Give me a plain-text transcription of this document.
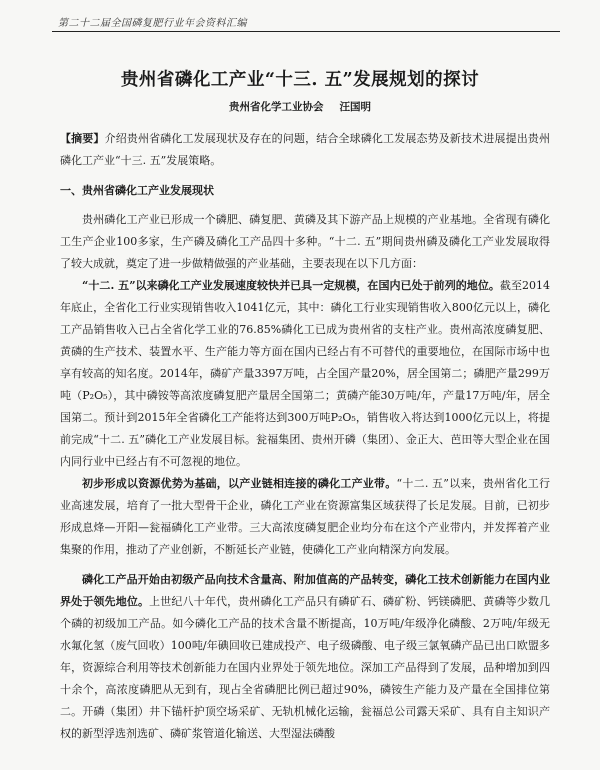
第二十二届全国磷复肥行业年会资料汇编
贵州省磷化工产业“十三. 五”发展规划的探讨
贵州省化学工业协会 汪国明
【摘要】介绍贵州省磷化工发展现状及存在的问题，结合全球磷化工发展态势及新技术进展提出贵州磷化工产业“十三. 五”发展策略。
一、贵州省磷化工产业发展现状

贵州磷化工产业已形成一个磷肥、磷复肥、黄磷及其下游产品上规模的产业基地。全省现有磷化工生产企业100多家，生产磷及磷化工产品四十多种。“十二. 五”期间贵州磷及磷化工产业发展取得了较大成就，奠定了进一步做精做强的产业基础，主要表现在以下几方面：

“十二. 五”以来磷化工产业发展速度较快并已具一定规模，在国内已处于前列的地位。截至2014年底止，全省化工行业实现销售收入1041亿元，其中：磷化工行业实现销售收入800亿元以上，磷化工产品销售收入已占全省化学工业的76.85%磷化工已成为贵州省的支柱产业。贵州高浓度磷复肥、黄磷的生产技术、装置水平、生产能力等方面在国内已经占有不可替代的重要地位，在国际市场中也享有较高的知名度。2014年，磷矿产量3397万吨，占全国产量20%，居全国第二；磷肥产量299万吨（P₂O₅），其中磷铵等高浓度磷复肥产量居全国第二；黄磷产能30万吨/年，产量17万吨/年，居全国第二。预计到2015年全省磷化工产能将达到300万吨P₂O₅，销售收入将达到1000亿元以上，将提前完成“十二. 五”磷化工产业发展目标。瓮福集团、贵州开磷（集团）、金正大、芭田等大型企业在国内同行业中已经占有不可忽视的地位。

初步形成以资源优势为基础，以产业链相连接的磷化工产业带。“十二. 五”以来，贵州省化工行业高速发展，培育了一批大型骨干企业，磷化工产业在资源富集区域获得了长足发展。目前，已初步形成息烽—开阳—瓮福磷化工产业带。三大高浓度磷复肥企业均分布在这个产业带内，并发挥着产业集聚的作用，推动了产业创新，不断延长产业链，使磷化工产业向精深方向发展。

磷化工产品开始由初级产品向技术含量高、附加值高的产品转变，磷化工技术创新能力在国内业界处于领先地位。上世纪八十年代，贵州磷化工产品只有磷矿石、磷矿粉、钙镁磷肥、黄磷等少数几个磷的初级加工产品。如今磷化工产品的技术含量不断提高，10万吨/年级净化磷酸、2万吨/年级无水氟化氢（废气回收）100吨/年碘回收已建成投产、电子级磷酸、电子级三氯氧磷产品已出口欧盟多年，资源综合利用等技术创新能力在国内业界处于领先地位。深加工产品得到了发展，品种增加到四十余个，高浓度磷肥从无到有，现占全省磷肥比例已超过90%，磷铵生产能力及产量在全国排位第二。开磷（集团）井下锚杆护顶空场采矿、无轨机械化运输，瓮福总公司露天采矿、具有自主知识产权的新型浮选剂选矿、磷矿浆管道化输送、大型湿法磷酸
